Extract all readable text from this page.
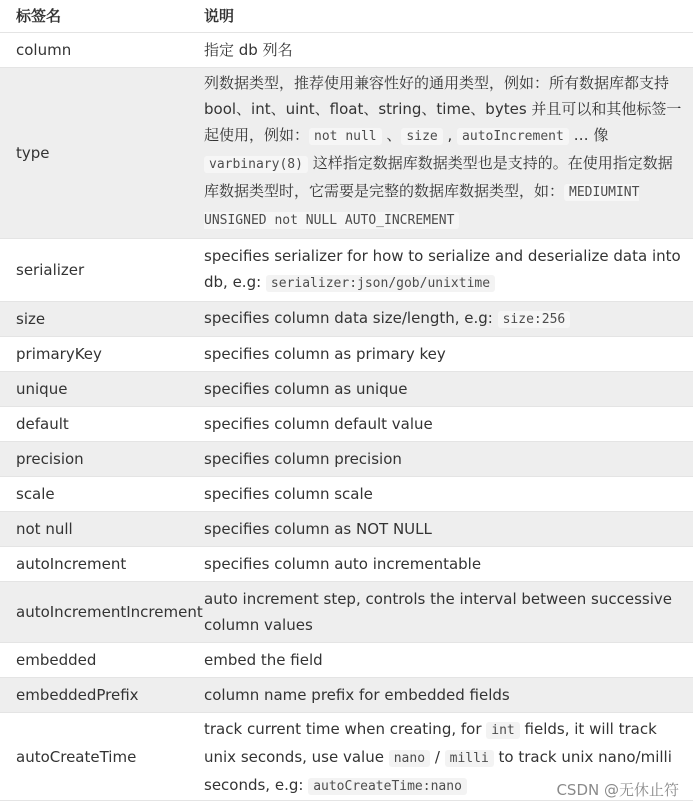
标签名	说明
column	指定 db 列名
type	列数据类型，推荐使用兼容性好的通用类型，例如：所有数据库都支持 bool、int、uint、float、string、time、bytes 并且可以和其他标签一起使用，例如： not null 、 size , autoIncrement … 像 varbinary(8) 这样指定数据库数据类型也是支持的。在使用指定数据库数据类型时，它需要是完整的数据库数据类型，如： MEDIUMINT UNSIGNED not NULL AUTO_INCREMENT
serializer	specifies serializer for how to serialize and deserialize data into db, e.g: serializer:json/gob/unixtime
size	specifies column data size/length, e.g: size:256
primaryKey	specifies column as primary key
unique	specifies column as unique
default	specifies column default value
precision	specifies column precision
scale	specifies column scale
not null	specifies column as NOT NULL
autoIncrement	specifies column auto incrementable
autoIncrementIncrement	auto increment step, controls the interval between successive column values
embedded	embed the field
embeddedPrefix	column name prefix for embedded fields
autoCreateTime	track current time when creating, for int fields, it will track unix seconds, use value nano / milli to track unix nano/milli seconds, e.g: autoCreateTime:nano	CSDN @无休止符
